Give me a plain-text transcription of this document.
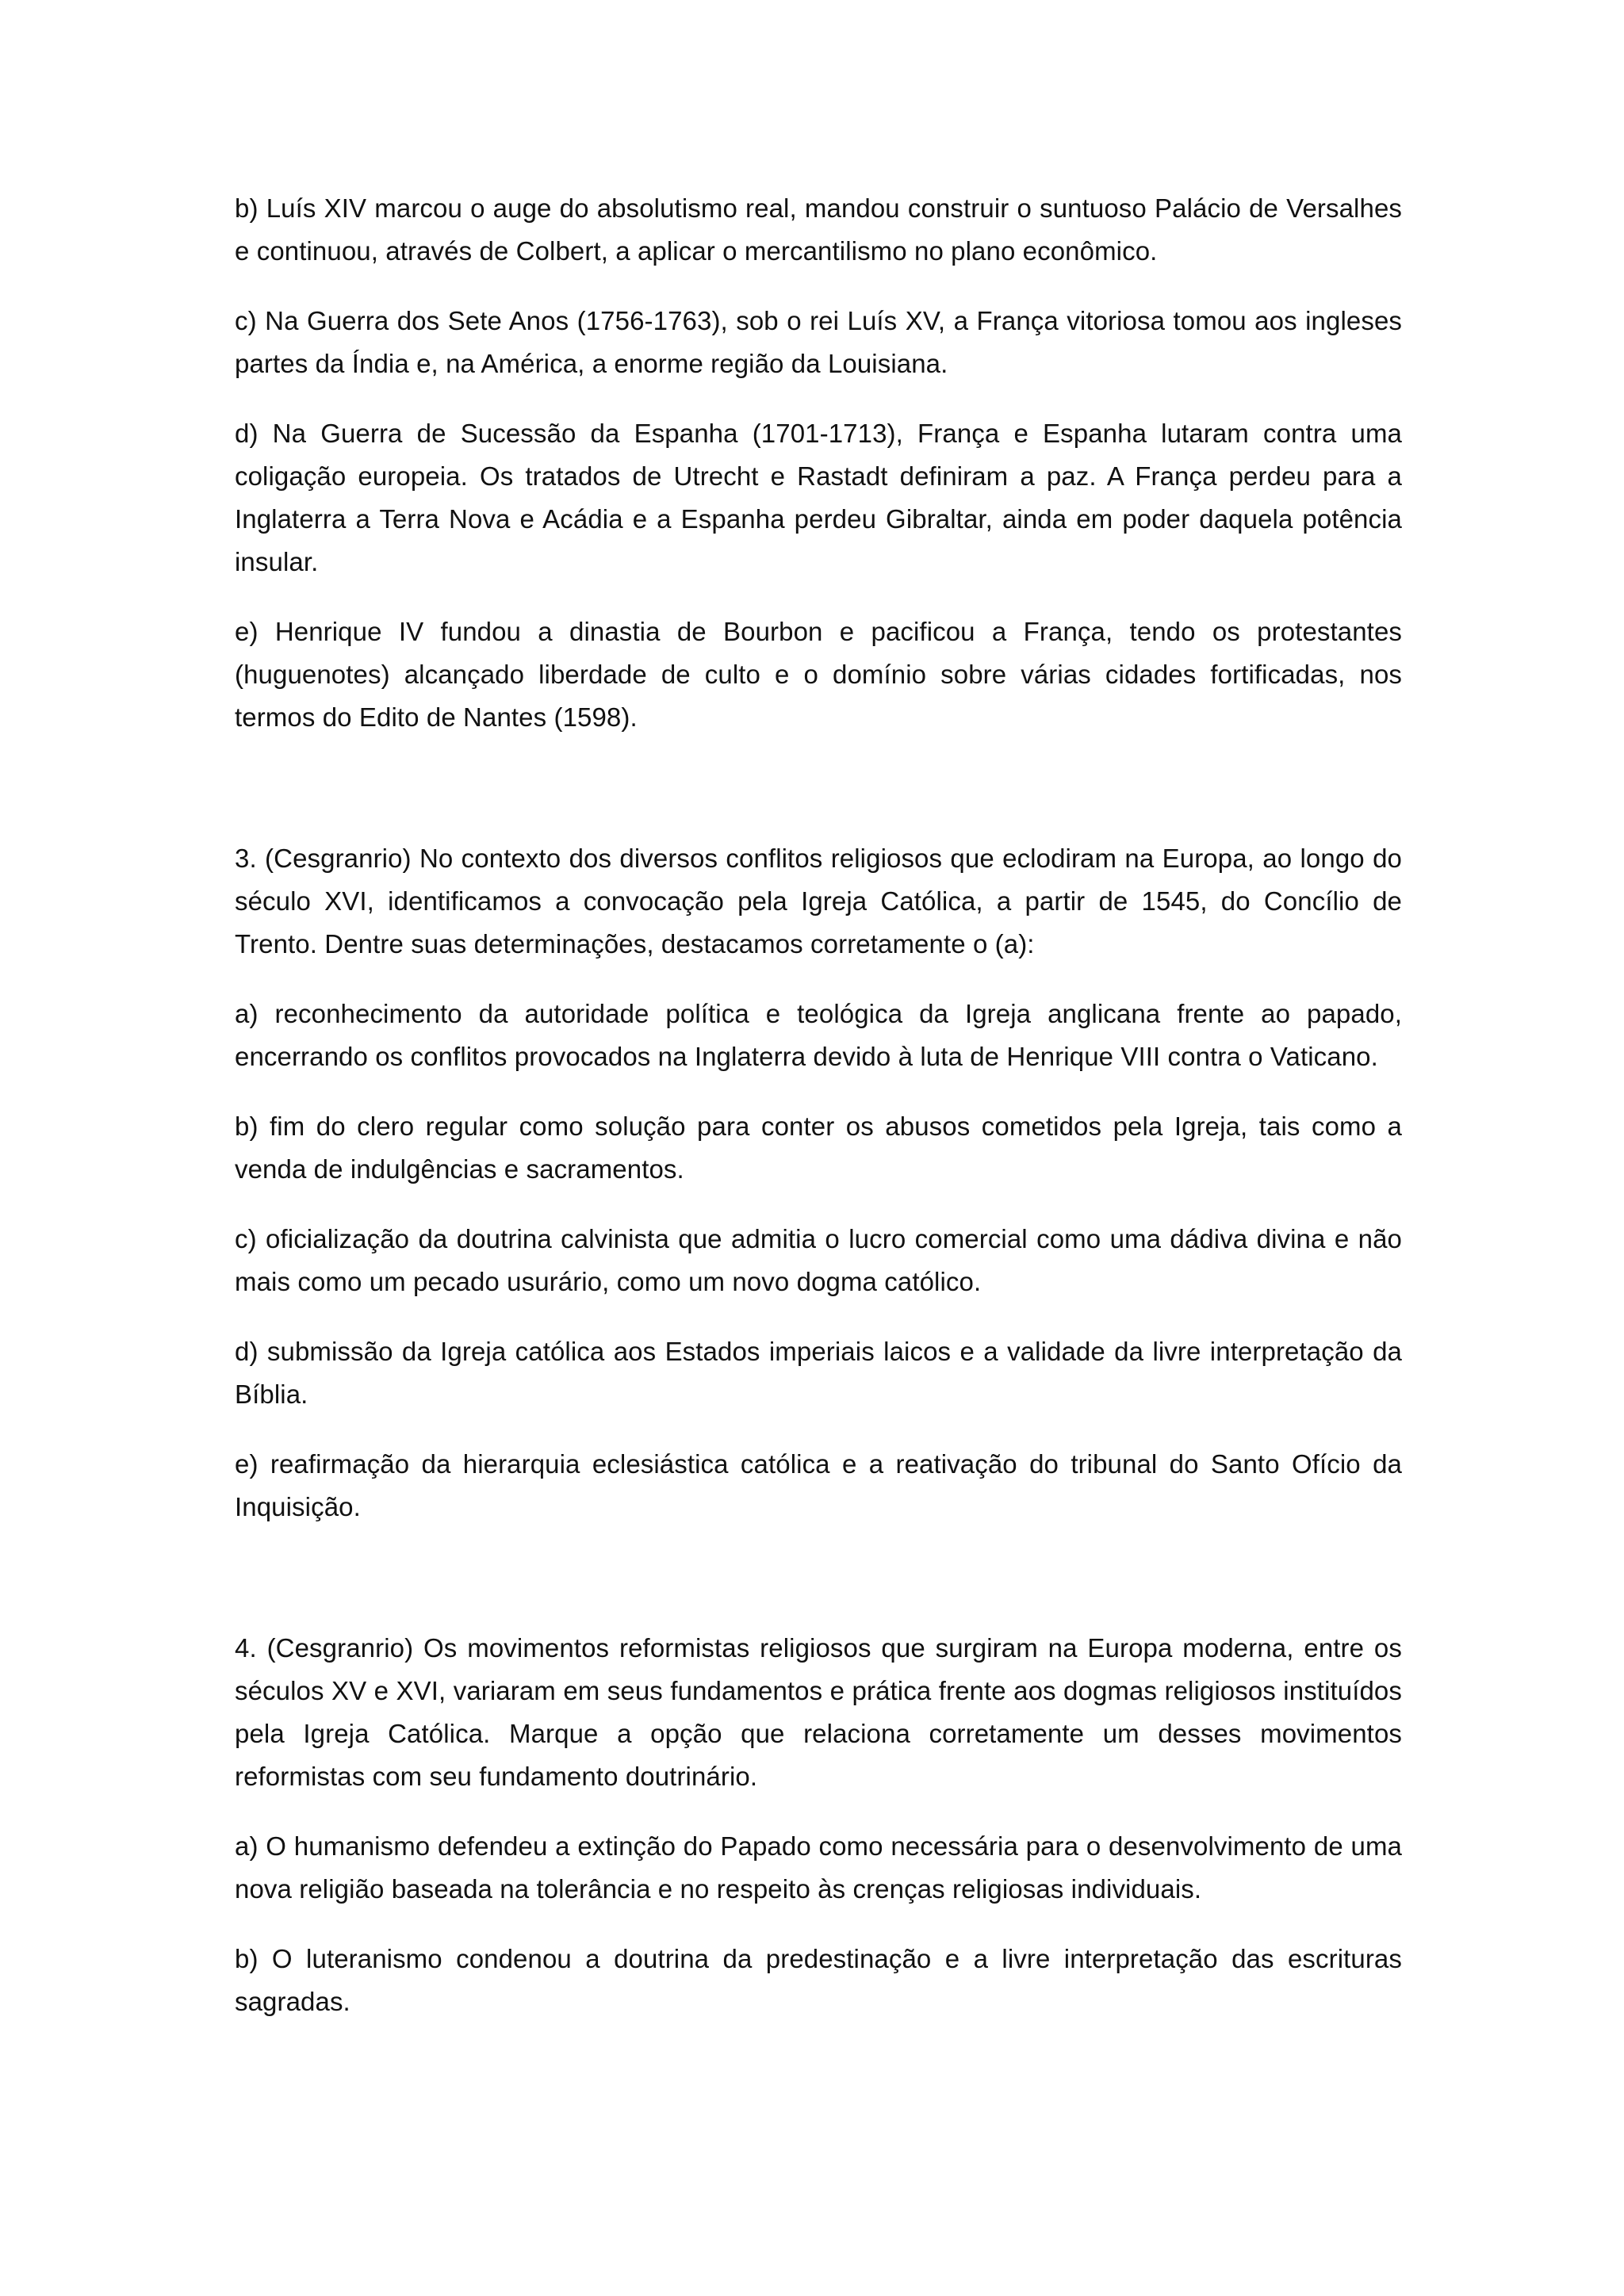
b) Luís XIV marcou o auge do absolutismo real, mandou construir o suntuoso Palácio de Versalhes e continuou, através de Colbert, a aplicar o mercantilismo no plano econômico.

c) Na Guerra dos Sete Anos (1756-1763), sob o rei Luís XV, a França vitoriosa tomou aos ingleses partes da Índia e, na América, a enorme região da Louisiana.

d) Na Guerra de Sucessão da Espanha (1701-1713), França e Espanha lutaram contra uma coligação europeia. Os tratados de Utrecht e Rastadt definiram a paz. A França perdeu para a Inglaterra a Terra Nova e Acádia e a Espanha perdeu Gibraltar, ainda em poder daquela potência insular.

e) Henrique IV fundou a dinastia de Bourbon e pacificou a França, tendo os protestantes (huguenotes) alcançado liberdade de culto e o domínio sobre várias cidades fortificadas, nos termos do Edito de Nantes (1598).

3. (Cesgranrio) No contexto dos diversos conflitos religiosos que eclodiram na Europa, ao longo do século XVI, identificamos a convocação pela Igreja Católica, a partir de 1545, do Concílio de Trento. Dentre suas determinações, destacamos corretamente o (a):

a) reconhecimento da autoridade política e teológica da Igreja anglicana frente ao papado, encerrando os conflitos provocados na Inglaterra devido à luta de Henrique VIII contra o Vaticano.

b) fim do clero regular como solução para conter os abusos cometidos pela Igreja, tais como a venda de indulgências e sacramentos.

c) oficialização da doutrina calvinista que admitia o lucro comercial como uma dádiva divina e não mais como um pecado usurário, como um novo dogma católico.

d) submissão da Igreja católica aos Estados imperiais laicos e a validade da livre interpretação da Bíblia.

e) reafirmação da hierarquia eclesiástica católica e a reativação do tribunal do Santo Ofício da Inquisição.

4. (Cesgranrio) Os movimentos reformistas religiosos que surgiram na Europa moderna, entre os séculos XV e XVI, variaram em seus fundamentos e prática frente aos dogmas religiosos instituídos pela Igreja Católica. Marque a opção que relaciona corretamente um desses movimentos reformistas com seu fundamento doutrinário.

a) O humanismo defendeu a extinção do Papado como necessária para o desenvolvimento de uma nova religião baseada na tolerância e no respeito às crenças religiosas individuais.

b) O luteranismo condenou a doutrina da predestinação e a livre interpretação das escrituras sagradas.
